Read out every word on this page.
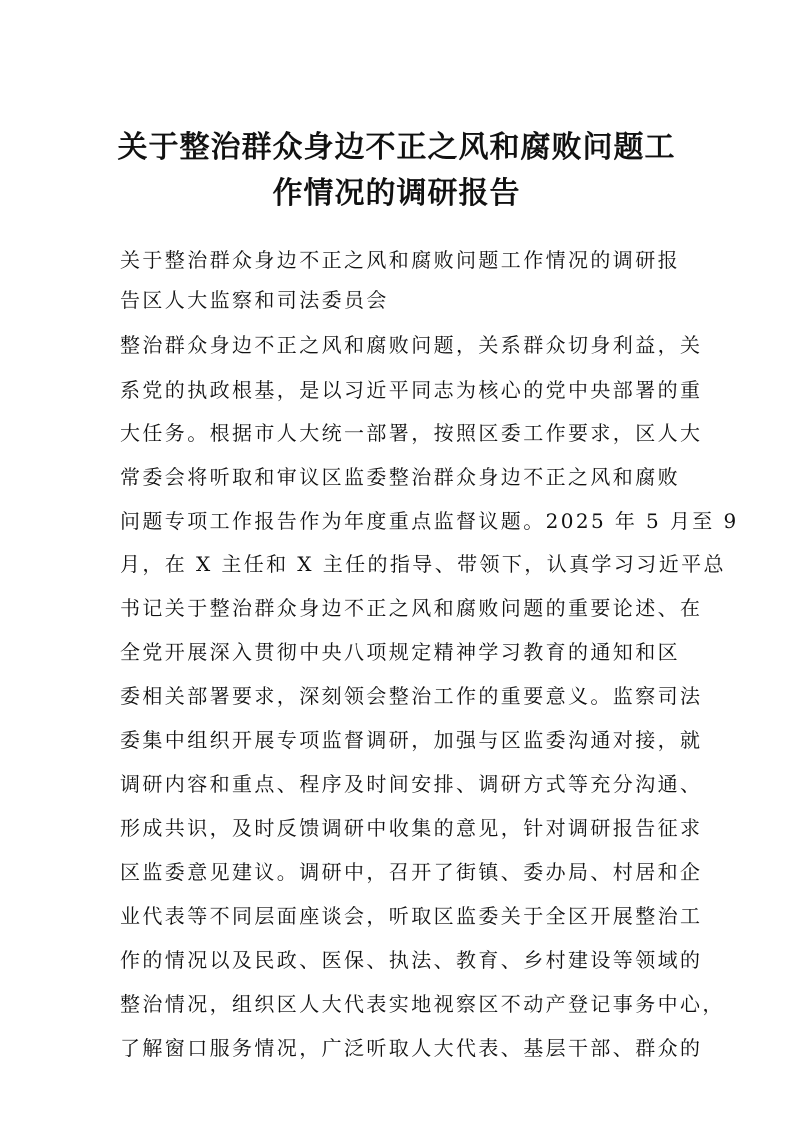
关于整治群众身边不正之风和腐败问题工
作情况的调研报告

关于整治群众身边不正之风和腐败问题工作情况的调研报

告区人大监察和司法委员会

整治群众身边不正之风和腐败问题，关系群众切身利益，关

系党的执政根基，是以习近平同志为核心的党中央部署的重

大任务。根据市人大统一部署，按照区委工作要求，区人大

常委会将听取和审议区监委整治群众身边不正之风和腐败

问题专项工作报告作为年度重点监督议题。2025 年 5 月至 9

月，在 X 主任和 X 主任的指导、带领下，认真学习习近平总

书记关于整治群众身边不正之风和腐败问题的重要论述、在

全党开展深入贯彻中央八项规定精神学习教育的通知和区

委相关部署要求，深刻领会整治工作的重要意义。监察司法

委集中组织开展专项监督调研，加强与区监委沟通对接，就

调研内容和重点、程序及时间安排、调研方式等充分沟通、

形成共识，及时反馈调研中收集的意见，针对调研报告征求

区监委意见建议。调研中，召开了街镇、委办局、村居和企

业代表等不同层面座谈会，听取区监委关于全区开展整治工

作的情况以及民政、医保、执法、教育、乡村建设等领域的

整治情况，组织区人大代表实地视察区不动产登记事务中心，

了解窗口服务情况，广泛听取人大代表、基层干部、群众的
